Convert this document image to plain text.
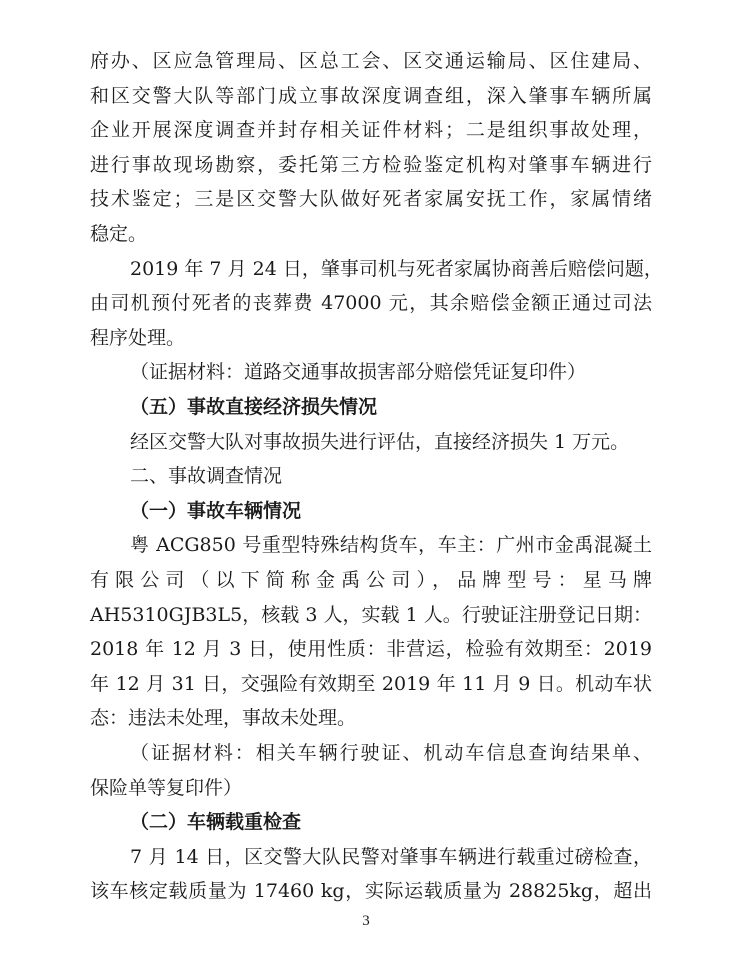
府办、区应急管理局、区总工会、区交通运输局、区住建局、
和区交警大队等部门成立事故深度调查组，深入肇事车辆所属
企业开展深度调查并封存相关证件材料；二是组织事故处理，
进行事故现场勘察，委托第三方检验鉴定机构对肇事车辆进行
技术鉴定；三是区交警大队做好死者家属安抚工作，家属情绪
稳定。
2019 年 7 月 24 日，肇事司机与死者家属协商善后赔偿问题，
由司机预付死者的丧葬费 47000 元，其余赔偿金额正通过司法
程序处理。
（证据材料：道路交通事故损害部分赔偿凭证复印件）
（五）事故直接经济损失情况
经区交警大队对事故损失进行评估，直接经济损失 1 万元。
二、事故调查情况
（一）事故车辆情况
粤 ACG850 号重型特殊结构货车，车主：广州市金禹混凝土
有限公司（以下简称金禹公司），品牌型号：星马牌
AH5310GJB3L5，核载 3 人，实载 1 人。行驶证注册登记日期：
2018 年 12 月 3 日，使用性质：非营运，检验有效期至：2019
年 12 月 31 日，交强险有效期至 2019 年 11 月 9 日。机动车状
态：违法未处理，事故未处理。
（证据材料：相关车辆行驶证、机动车信息查询结果单、
保险单等复印件）
（二）车辆载重检查
7 月 14 日，区交警大队民警对肇事车辆进行载重过磅检查，
该车核定载质量为 17460 kg，实际运载质量为 28825kg，超出
3
